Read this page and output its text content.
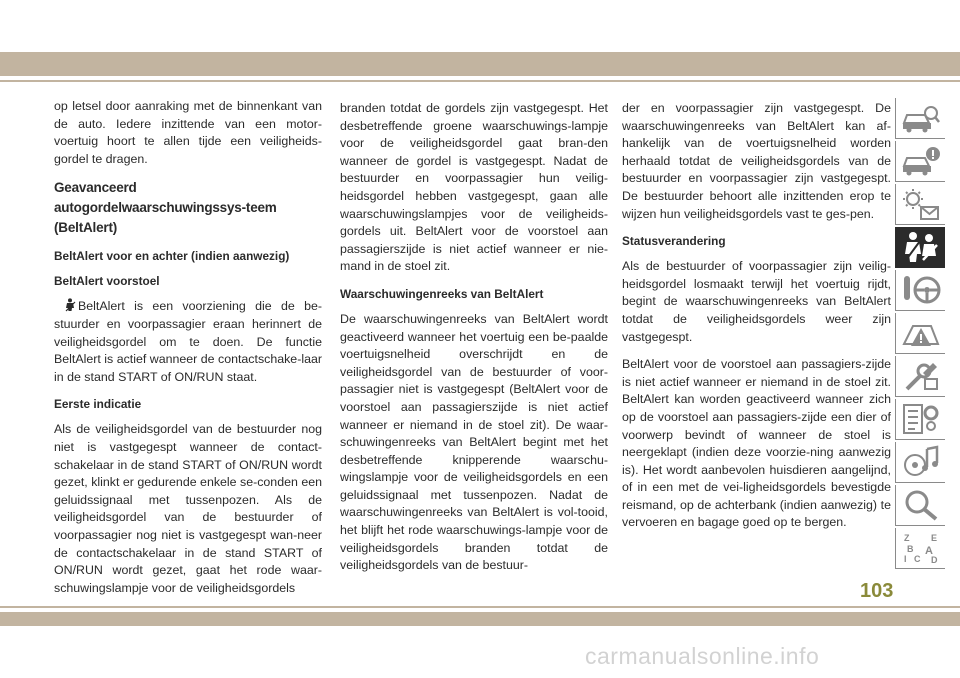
op letsel door aanraking met de binnenkant van de auto. Iedere inzittende van een motor-voertuig hoort te allen tijde een veiligheids-gordel te dragen.

Geavanceerd autogordelwaarschuwingssys-teem (BeltAlert)
BeltAlert voor en achter (indien aanwezig)
BeltAlert voorstoel

BeltAlert is een voorziening die de be-stuurder en voorpassagier eraan herinnert de veiligheidsgordel om te doen. De functie BeltAlert is actief wanneer de contactschake-laar in de stand START of ON/RUN staat.

Eerste indicatie

Als de veiligheidsgordel van de bestuurder nog niet is vastgegespt wanneer de contact-schakelaar in de stand START of ON/RUN wordt gezet, klinkt er gedurende enkele se-conden een geluidssignaal met tussenpozen. Als de veiligheidsgordel van de bestuurder of voorpassagier nog niet is vastgegespt wan-neer de contactschakelaar in de stand START of ON/RUN wordt gezet, gaat het rode waar-schuwingslampje voor de veiligheidsgordels

branden totdat de gordels zijn vastgegespt. Het desbetreffende groene waarschuwings-lampje voor de veiligheidsgordel gaat bran-den wanneer de gordel is vastgegespt. Nadat de bestuurder en voorpassagier hun veilig-heidsgordel hebben vastgegespt, gaan alle waarschuwingslampjes voor de veiligheids-gordels uit. BeltAlert voor de voorstoel aan passagierszijde is niet actief wanneer er nie-mand in de stoel zit.

Waarschuwingenreeks van BeltAlert

De waarschuwingenreeks van BeltAlert wordt geactiveerd wanneer het voertuig een be-paalde voertuigsnelheid overschrijdt en de veiligheidsgordel van de bestuurder of voor-passagier niet is vastgegespt (BeltAlert voor de voorstoel aan passagierszijde is niet actief wanneer er niemand in de stoel zit). De waar-schuwingenreeks van BeltAlert begint met het desbetreffende knipperende waarschu-wingslampje voor de veiligheidsgordels en een geluidssignaal met tussenpozen. Nadat de waarschuwingenreeks van BeltAlert is vol-tooid, het blijft het rode waarschuwings-lampje voor de veiligheidsgordels branden totdat de veiligheidsgordels van de bestuur-

der en voorpassagier zijn vastgegespt. De waarschuwingenreeks van BeltAlert kan af-hankelijk van de voertuigsnelheid worden herhaald totdat de veiligheidsgordels van de bestuurder en voorpassagier zijn vastgegespt. De bestuurder behoort alle inzittenden erop te wijzen hun veiligheidsgordels vast te ges-pen.

Statusverandering

Als de bestuurder of voorpassagier zijn veilig-heidsgordel losmaakt terwijl het voertuig rijdt, begint de waarschuwingenreeks van BeltAlert totdat de veiligheidsgordels weer zijn vastgegespt.

BeltAlert voor de voorstoel aan passagiers-zijde is niet actief wanneer er niemand in de stoel zit. BeltAlert kan worden geactiveerd wanneer zich op de voorstoel aan passagiers-zijde een dier of voorwerp bevindt of wanneer de stoel is neergeklapt (indien deze voorzie-ning aanwezig is). Het wordt aanbevolen huisdieren aangelijnd, of in een met de vei-ligheidsgordels bevestigde reismand, op de achterbank (indien aanwezig) te vervoeren en bagage goed op te bergen.

Z E
B A
C D
I
103
carmanualsonline.info
